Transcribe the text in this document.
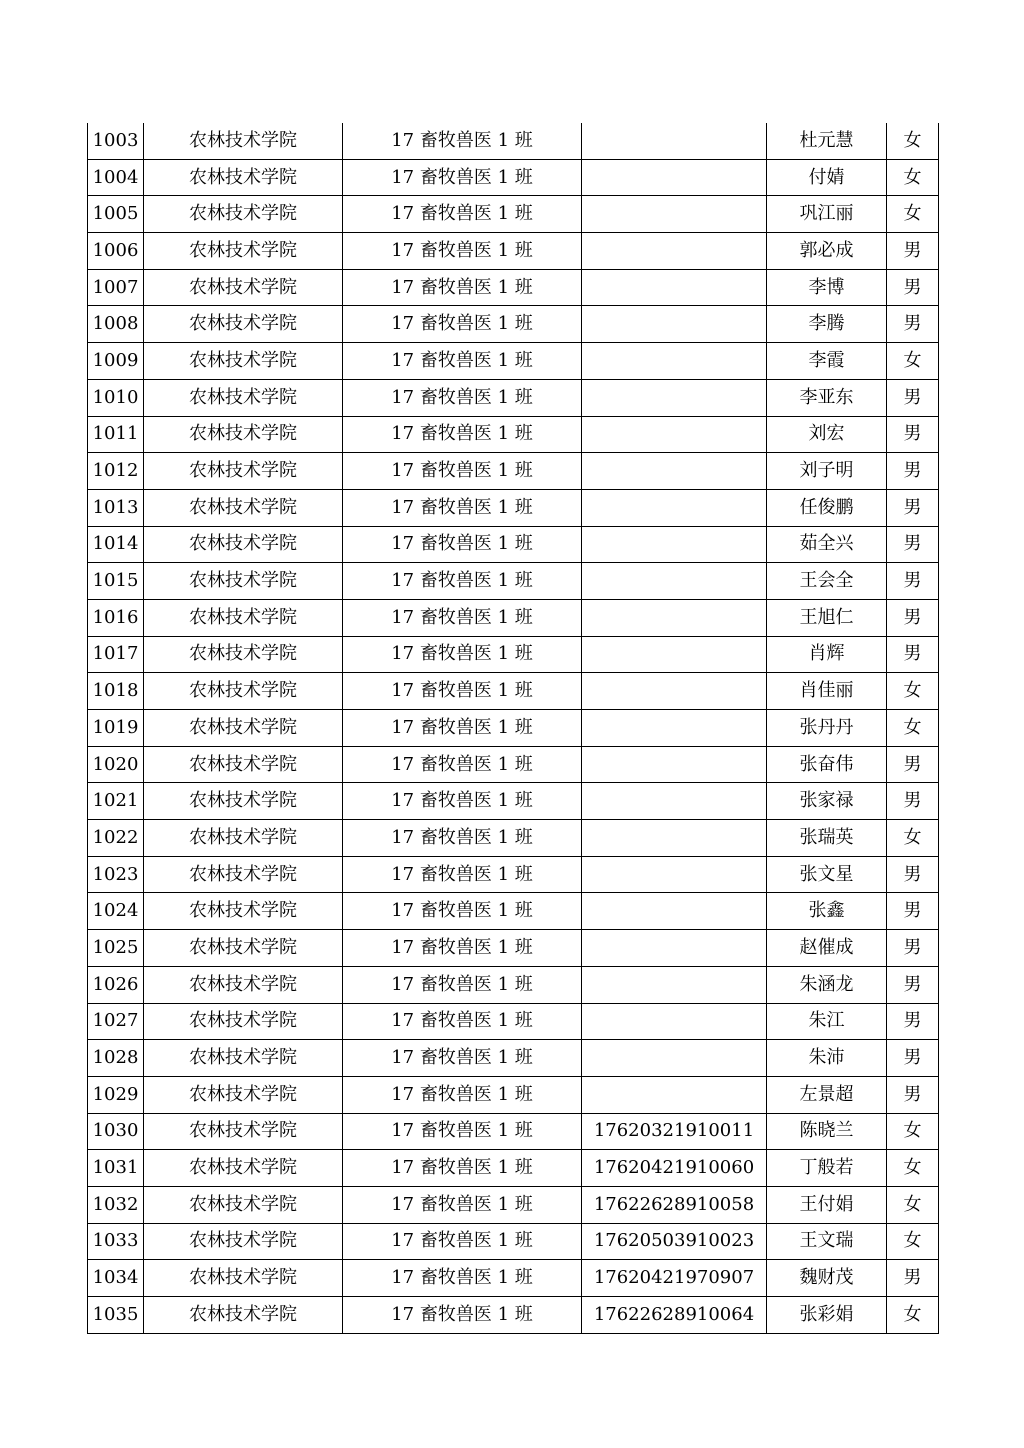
1003	农林技术学院	17 畜牧兽医 1 班		杜元慧	女
1004	农林技术学院	17 畜牧兽医 1 班		付婧	女
1005	农林技术学院	17 畜牧兽医 1 班		巩江丽	女
1006	农林技术学院	17 畜牧兽医 1 班		郭必成	男
1007	农林技术学院	17 畜牧兽医 1 班		李博	男
1008	农林技术学院	17 畜牧兽医 1 班		李腾	男
1009	农林技术学院	17 畜牧兽医 1 班		李霞	女
1010	农林技术学院	17 畜牧兽医 1 班		李亚东	男
1011	农林技术学院	17 畜牧兽医 1 班		刘宏	男
1012	农林技术学院	17 畜牧兽医 1 班		刘子明	男
1013	农林技术学院	17 畜牧兽医 1 班		任俊鹏	男
1014	农林技术学院	17 畜牧兽医 1 班		茹全兴	男
1015	农林技术学院	17 畜牧兽医 1 班		王会全	男
1016	农林技术学院	17 畜牧兽医 1 班		王旭仁	男
1017	农林技术学院	17 畜牧兽医 1 班		肖辉	男
1018	农林技术学院	17 畜牧兽医 1 班		肖佳丽	女
1019	农林技术学院	17 畜牧兽医 1 班		张丹丹	女
1020	农林技术学院	17 畜牧兽医 1 班		张奋伟	男
1021	农林技术学院	17 畜牧兽医 1 班		张家禄	男
1022	农林技术学院	17 畜牧兽医 1 班		张瑞英	女
1023	农林技术学院	17 畜牧兽医 1 班		张文星	男
1024	农林技术学院	17 畜牧兽医 1 班		张鑫	男
1025	农林技术学院	17 畜牧兽医 1 班		赵催成	男
1026	农林技术学院	17 畜牧兽医 1 班		朱涵龙	男
1027	农林技术学院	17 畜牧兽医 1 班		朱江	男
1028	农林技术学院	17 畜牧兽医 1 班		朱沛	男
1029	农林技术学院	17 畜牧兽医 1 班		左景超	男
1030	农林技术学院	17 畜牧兽医 1 班	17620321910011	陈晓兰	女
1031	农林技术学院	17 畜牧兽医 1 班	17620421910060	丁般若	女
1032	农林技术学院	17 畜牧兽医 1 班	17622628910058	王付娟	女
1033	农林技术学院	17 畜牧兽医 1 班	17620503910023	王文瑞	女
1034	农林技术学院	17 畜牧兽医 1 班	17620421970907	魏财茂	男
1035	农林技术学院	17 畜牧兽医 1 班	17622628910064	张彩娟	女
